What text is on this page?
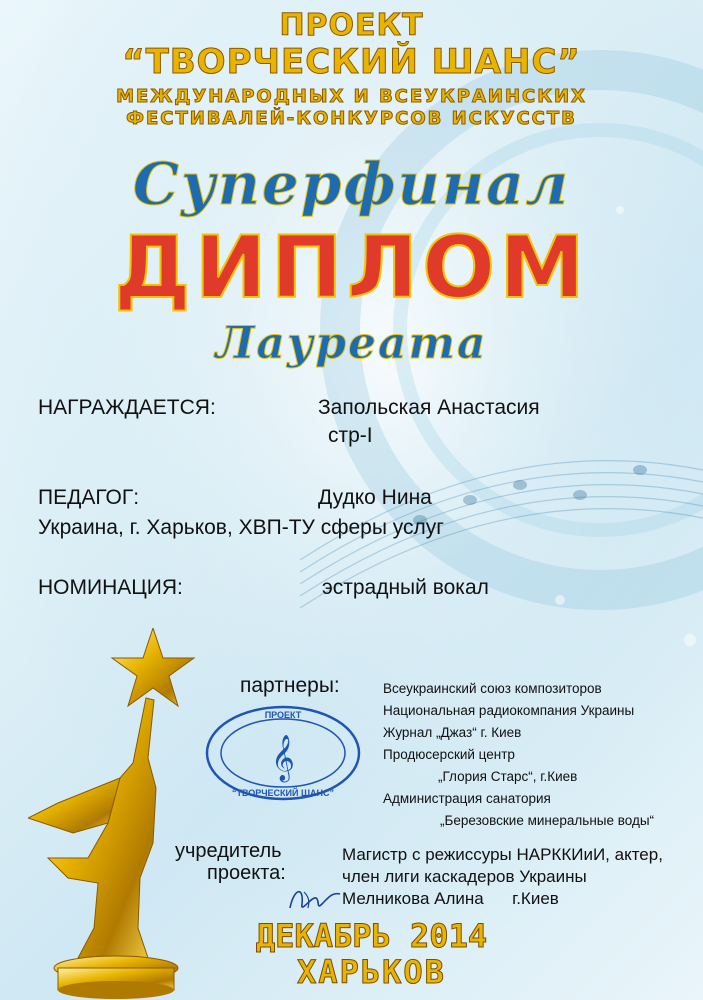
ПРОЕКТ
“ТВОРЧЕСКИЙ ШАНС”
МЕЖДУНАРОДНЫХ И ВСЕУКРАИНСКИХ
ФЕСТИВАЛЕЙ-КОНКУРСОВ ИСКУССТВ
Суперфинал
ДИПЛОМ
Лауреата
НАГРАЖДАЕТСЯ:	Запольская Анастасия
стр-I
ПЕДАГОГ:	Дудко Нина
Украина, г. Харьков, ХВП-ТУ сферы услуг
НОМИНАЦИЯ:	эстрадный вокал
партнеры:	Всеукраинский союз композиторов
Национальная радиокомпания Украины
Журнал „Джаз“ г. Киев
Продюсерский центр
„Глория Старс“, г.Киев
Администрация санатория
„Березовские минеральные воды“
ПРОЕКТ
“ТВОРЧЕСКИЙ ШАНС”
𝄞
учредитель
проекта:
Магистр с режиссуры НАРККИиИ, актер,
член лиги каскадеров Украины
Мелникова Алина      г.Киев
ДЕКАБРЬ 2014
ХАРЬКОВ
